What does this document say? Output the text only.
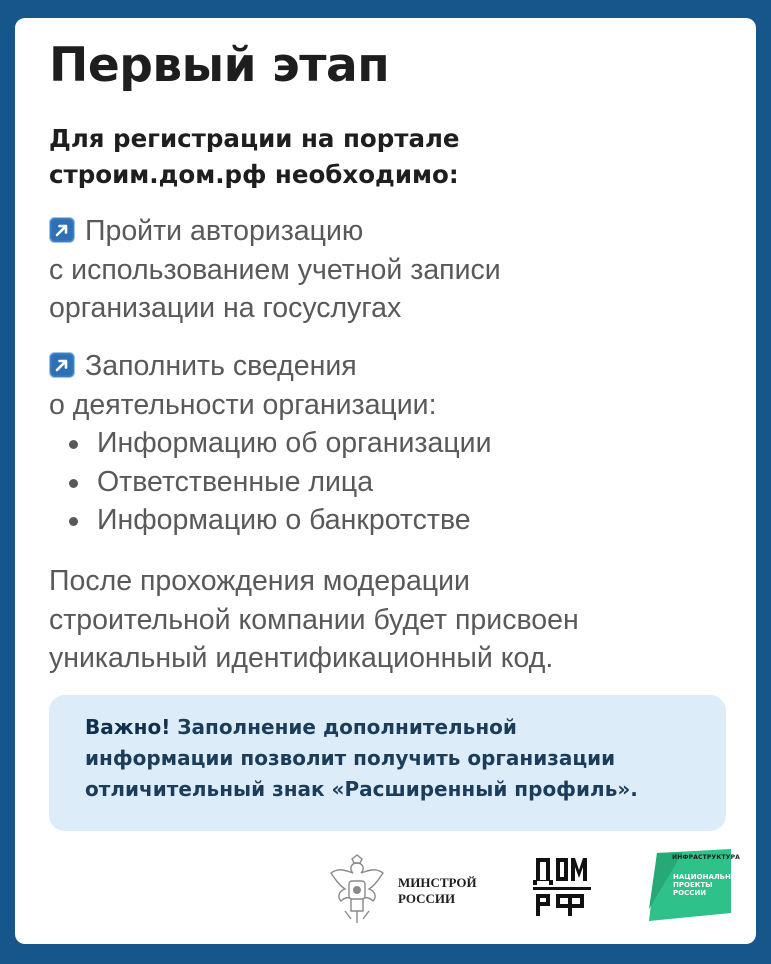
Первый этап

Для регистрации на портале
строим.дом.рф необходимо:

Пройти авторизацию
с использованием учетной записи
организации на госуслугах

Заполнить сведения
о деятельности организации:

Информацию об организации
Ответственные лица
Информацию о банкротстве

После прохождения модерации
строительной компании будет присвоен
уникальный идентификационный код.

Важно! Заполнение дополнительной
информации позволит получить организации
отличительный знак «Расширенный профиль».

МИНСТРОЙ
РОССИИ

ИНФРАСТРУКТУРА

НАЦИОНАЛЬНЫЕ
ПРОЕКТЫ
РОССИИ
